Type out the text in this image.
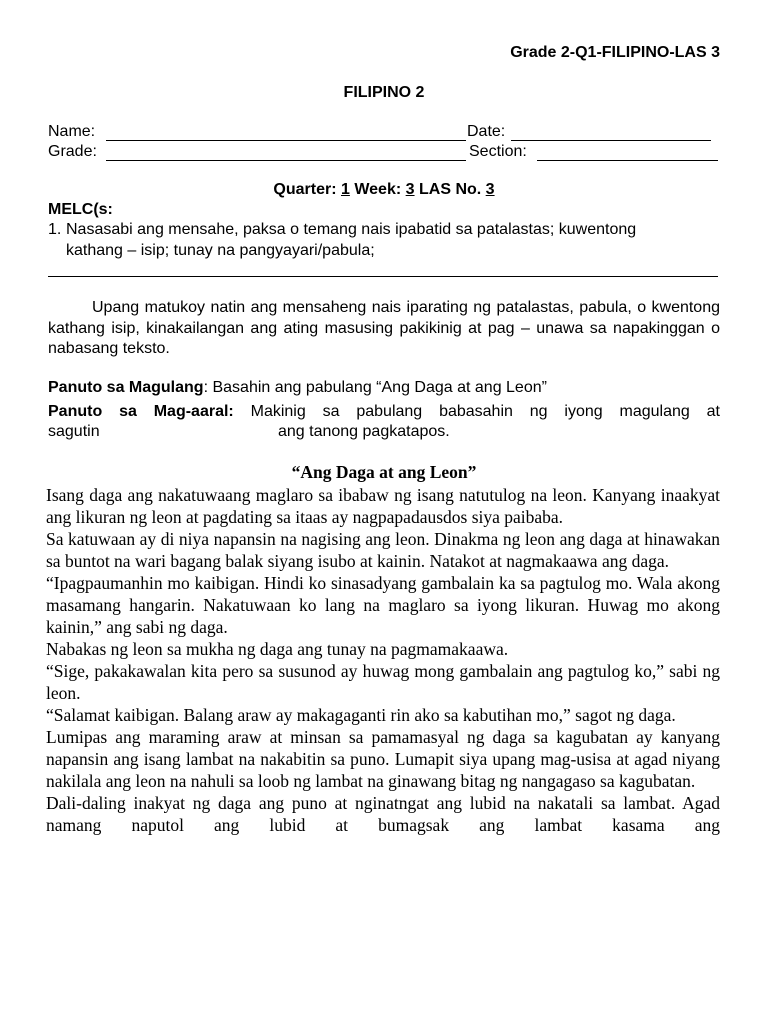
Grade 2-Q1-FILIPINO-LAS 3
FILIPINO 2
Name:	Date:
Grade:	Section:
Quarter: 1 Week: 3 LAS No. 3
MELC(s:
1. Nasasabi ang mensahe, paksa o temang nais ipabatid sa patalastas; kuwentong
kathang – isip; tunay na pangyayari/pabula;
Upang matukoy natin ang mensaheng nais iparating ng patalastas, pabula, o kwentong kathang isip, kinakailangan ang ating masusing pakikinig at pag – unawa sa napakinggan o nabasang teksto.
Panuto sa Magulang: Basahin ang pabulang “Ang Daga at ang Leon”
Panuto sa Mag-aaral: Makinig sa pabulang babasahin ng iyong magulang at
sagutin	ang tanong pagkatapos.
“Ang Daga at ang Leon”

Isang daga ang nakatuwaang maglaro sa ibabaw ng isang natutulog na leon. Kanyang inaakyat ang likuran ng leon at pagdating sa itaas ay nagpapadausdos siya paibaba.

Sa katuwaan ay di niya napansin na nagising ang leon. Dinakma ng leon ang daga at hinawakan sa buntot na wari bagang balak siyang isubo at kainin. Natakot at nagmakaawa ang daga.

“Ipagpaumanhin mo kaibigan. Hindi ko sinasadyang gambalain ka sa pagtulog mo. Wala akong masamang hangarin. Nakatuwaan ko lang na maglaro sa iyong likuran. Huwag mo akong kainin,” ang sabi ng daga.

Nabakas ng leon sa mukha ng daga ang tunay na pagmamakaawa.

“Sige, pakakawalan kita pero sa susunod ay huwag mong gambalain ang pagtulog ko,” sabi ng leon.

“Salamat kaibigan. Balang araw ay makagaganti rin ako sa kabutihan mo,” sagot ng daga.

Lumipas ang maraming araw at minsan sa pamamasyal ng daga sa kagubatan ay kanyang napansin ang isang lambat na nakabitin sa puno. Lumapit siya upang mag-usisa at agad niyang nakilala ang leon na nahuli sa loob ng lambat na ginawang bitag ng nangagaso sa kagubatan.

Dali-daling inakyat ng daga ang puno at nginatngat ang lubid na nakatali sa lambat. Agad namang naputol ang lubid at bumagsak ang lambat kasama ang
